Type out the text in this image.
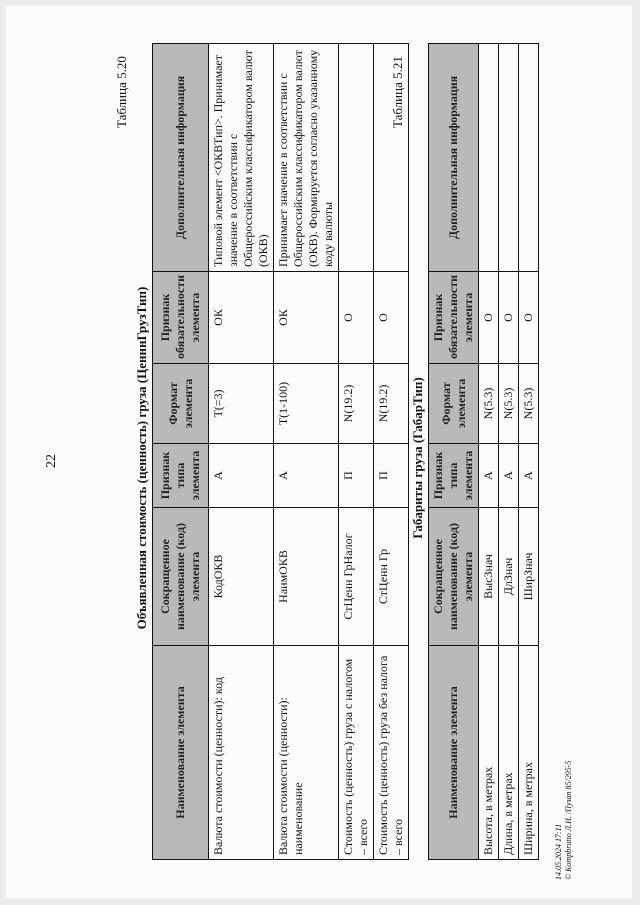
22
Таблица 5.20
Объявленная стоимость (ценность) груза (ЦенннГрузТип)
Наименование элемента	Сокращенное наименование (код) элемента	Признак типа элемента	Формат элемента	Признак обязательности элемента	Дополнительная информация
Валюта стоимости (ценности): код	КодОКВ	А	T(=3)	ОК	Типовой элемент <ОКВТип>. Принимает значение в соответствии с Общероссийским классификатором валют (ОКВ)
Валюта стоимости (ценности): наименование	НаимОКВ	А	T(1-100)	ОК	Принимает значение в соответствии с Общероссийским классификатором валют (ОКВ). Формируется согласно указанному коду валюты
Стоимость (ценность) груза с налогом – всего	СтЦенн ГрНалог	П	N(19.2)	О	
Стоимость (ценность) груза без налога – всего	СтЦенн Гр	П	N(19.2)	О	
Таблица 5.21
Габариты груза (ГабарТип)
Наименование элемента	Сокращенное наименование (код) элемента	Признак типа элемента	Формат элемента	Признак обязательности элемента	Дополнительная информация
Высота, в метрах	ВысЗнач	А	N(5.3)	О	
Длина, в метрах	ДлЗнач	А	N(5.3)	О	
Ширина, в метрах	ШирЗнач	А	N(5.3)	О	
14.05.2024 17:11 © Kompbrutto Л.И. /Пузап 85/295-5
